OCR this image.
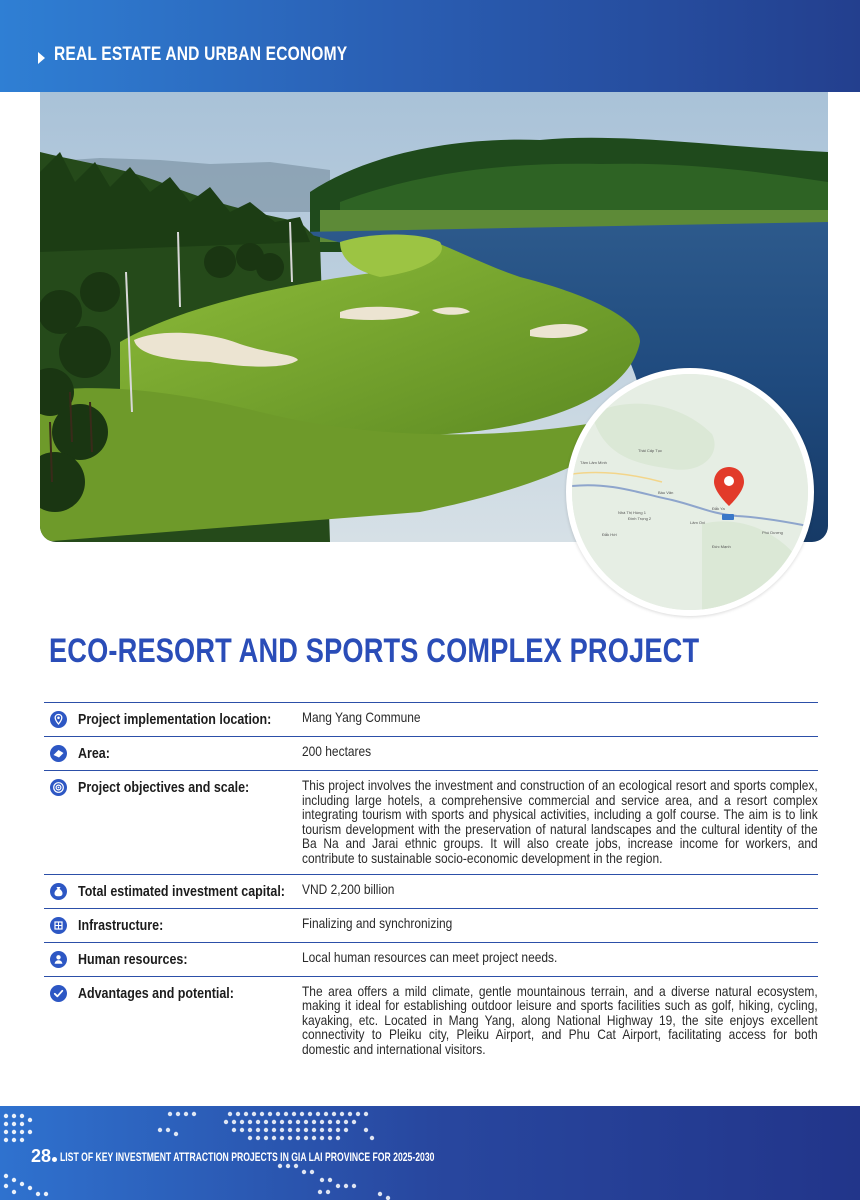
REAL ESTATE AND URBAN ECONOMY
Tâm Lâm Mình
Thái Cấp Tục
Bàu Văn
Nhà Thị Hùng 1
Đình Trọng 2
Đắk Ya
Lâm Oxi
Đắk Hới
Đức Mạnh
Phú Dương
ECO-RESORT AND SPORTS COMPLEX PROJECT
Project implementation location: Mang Yang Commune
Area:	200 hectares
Project objectives and scale:	This project involves the investment and construction of an ecological resort and sports complex, including large hotels, a comprehensive commercial and service area, and a resort complex integrating tourism with sports and physical activities, including a golf course. The aim is to link tourism development with the preservation of natural landscapes and the cultural identity of the Ba Na and Jarai ethnic groups. It will also create jobs, increase income for workers, and contribute to sustainable socio-economic development in the region.
Total estimated investment capital: VND 2,200 billion
Infrastructure:	Finalizing and synchronizing
Human resources:	Local human resources can meet project needs.
Advantages and potential:	The area offers a mild climate, gentle mountainous terrain, and a diverse natural ecosystem, making it ideal for establishing outdoor leisure and sports facilities such as golf, hiking, cycling, kayaking, etc. Located in Mang Yang, along National Highway 19, the site enjoys excellent connectivity to Pleiku city, Pleiku Airport, and Phu Cat Airport, facilitating access for both domestic and international visitors.
28 LIST OF KEY INVESTMENT ATTRACTION PROJECTS IN GIA LAI PROVINCE FOR 2025-2030
